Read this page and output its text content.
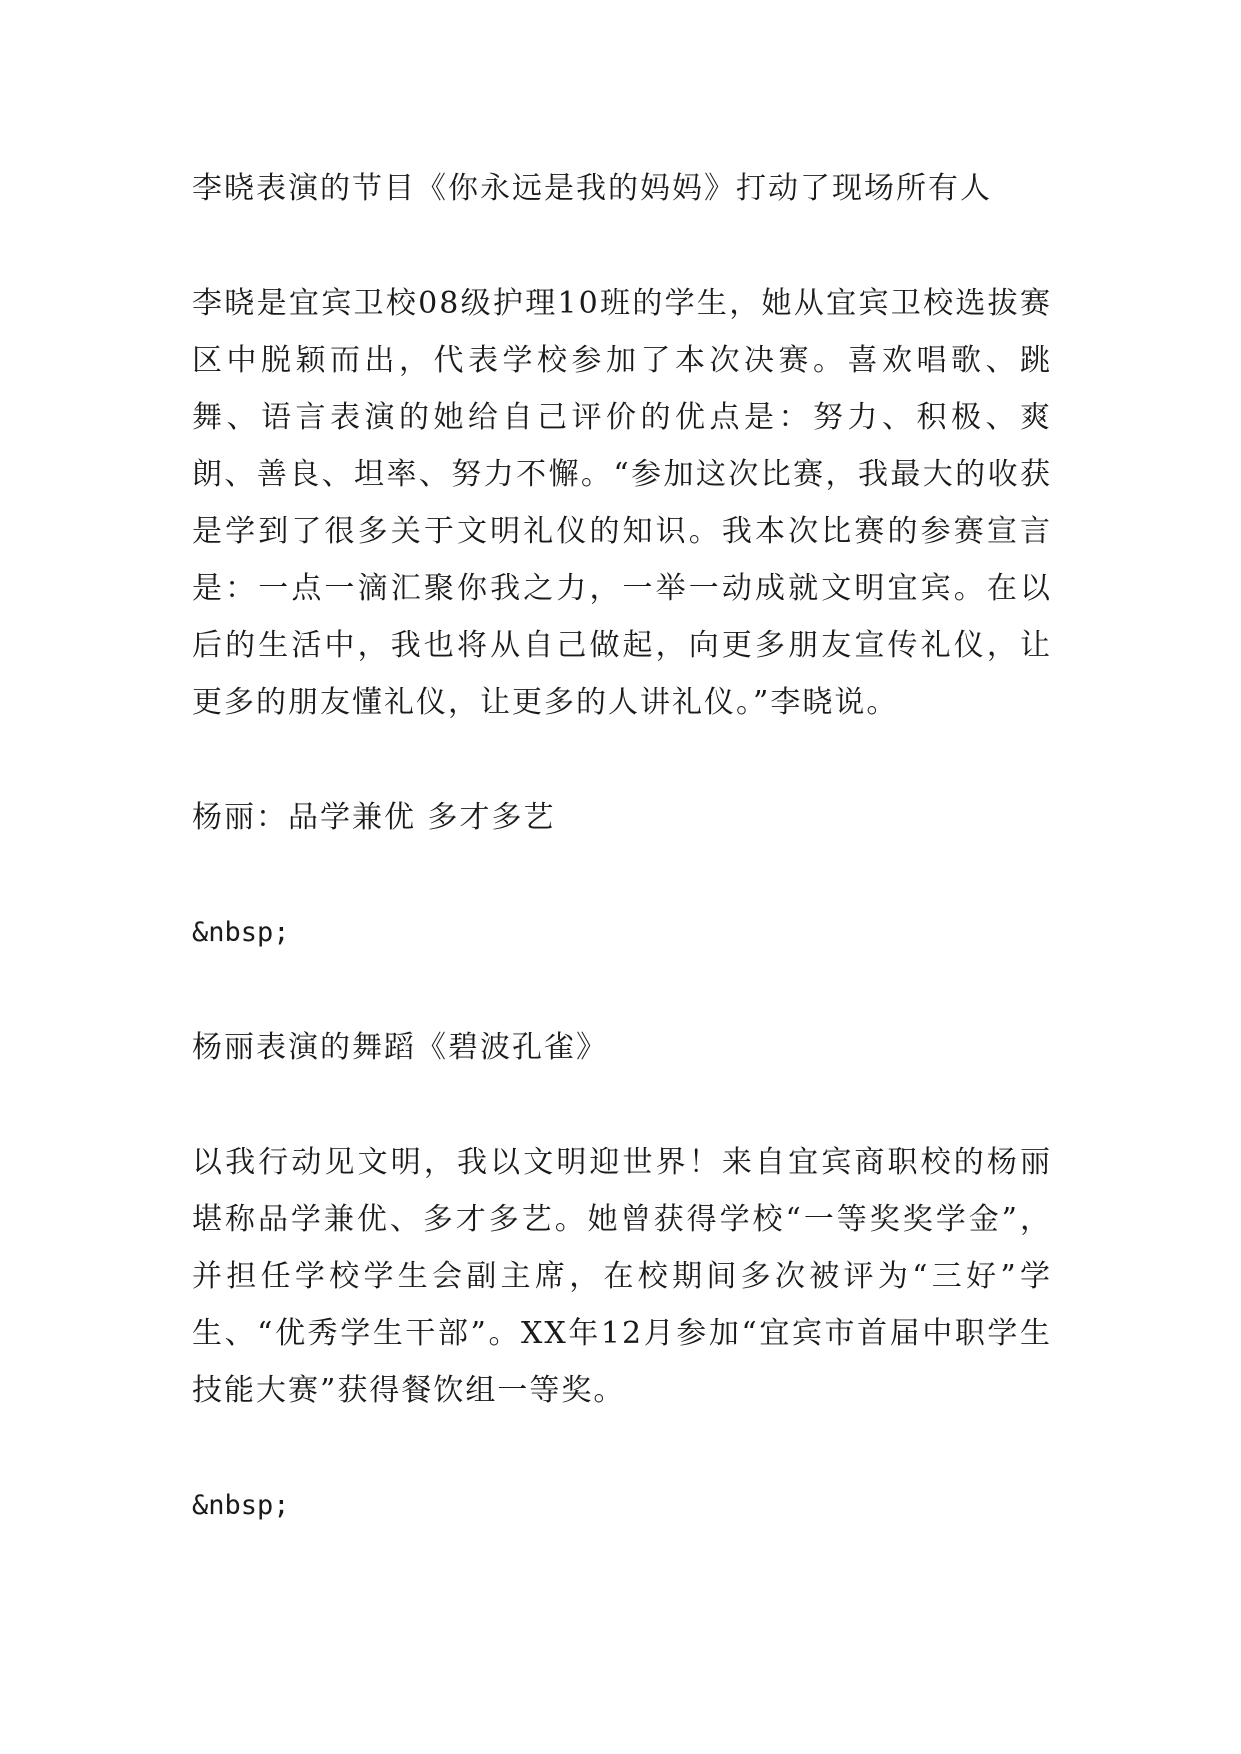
李晓表演的节目《你永远是我的妈妈》打动了现场所有人

李晓是宜宾卫校08级护理10班的学生，她从宜宾卫校选拔赛区中脱颖而出，代表学校参加了本次决赛。喜欢唱歌、跳舞、语言表演的她给自己评价的优点是：努力、积极、爽朗、善良、坦率、努力不懈。“参加这次比赛，我最大的收获是学到了很多关于文明礼仪的知识。我本次比赛的参赛宣言是：一点一滴汇聚你我之力，一举一动成就文明宜宾。在以后的生活中，我也将从自己做起，向更多朋友宣传礼仪，让更多的朋友懂礼仪，让更多的人讲礼仪。”李晓说。

杨丽：品学兼优 多才多艺

&nbsp;

杨丽表演的舞蹈《碧波孔雀》

以我行动见文明，我以文明迎世界！来自宜宾商职校的杨丽堪称品学兼优、多才多艺。她曾获得学校“一等奖奖学金”，并担任学校学生会副主席，在校期间多次被评为“三好”学生、“优秀学生干部”。XX年12月参加“宜宾市首届中职学生技能大赛”获得餐饮组一等奖。

&nbsp;
